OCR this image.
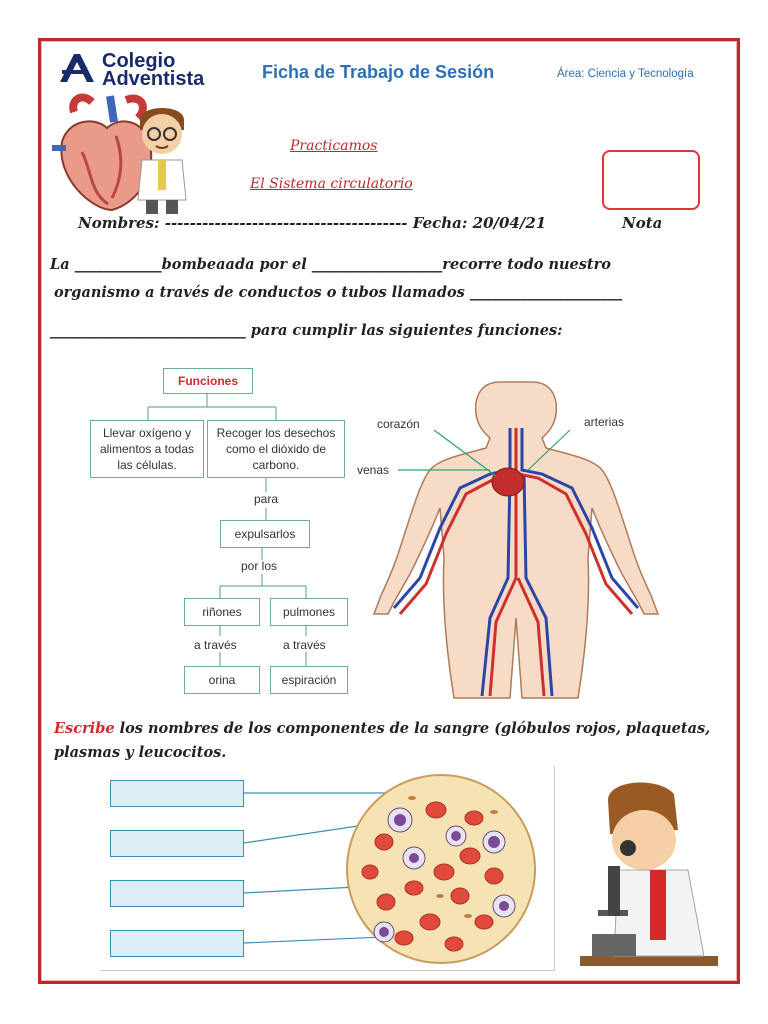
Colegio
Adventista	Ficha de Trabajo de Sesión	Área: Ciencia y Tecnología
Practicamos
El Sistema circulatorio
Nombres: --------------------------------------- Fecha: 20/04/21	Nota
La ____________bombeaada por el __________________recorre todo nuestro
organismo a través de conductos o tubos llamados _____________________
___________________________ para cumplir las siguientes funciones:
Funciones
Llevar oxígeno y alimentos a todas las células.
Recoger los desechos como el dióxido de carbono.
para
expulsarlos
por los
riñones	pulmones
a través	a través
orina	espiración
corazón	arterias
venas
Escribe los nombres de los componentes de la sangre (glóbulos rojos, plaquetas,
plasmas y leucocitos.
